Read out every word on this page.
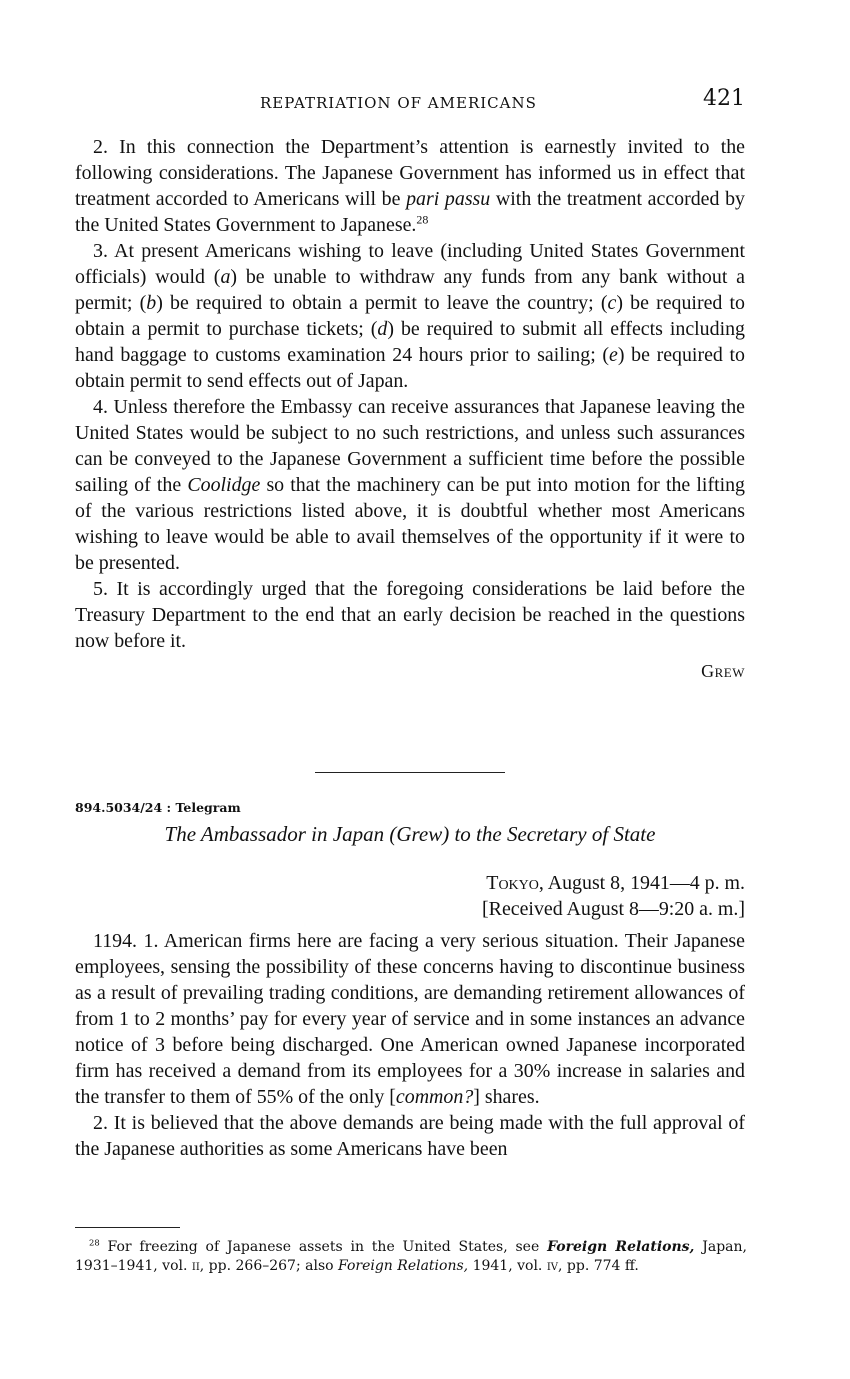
REPATRIATION OF AMERICANS	421

2. In this connection the Department’s attention is earnestly invited to the following considerations. The Japanese Government has informed us in effect that treatment accorded to Americans will be pari passu with the treatment accorded by the United States Government to Japanese.$^{28}$

3. At present Americans wishing to leave (including United States Government officials) would (a) be unable to withdraw any funds from any bank without a permit; (b) be required to obtain a permit to leave the country; (c) be required to obtain a permit to purchase tickets; (d) be required to submit all effects including hand baggage to customs examination 24 hours prior to sailing; (e) be required to obtain permit to send effects out of Japan.

4. Unless therefore the Embassy can receive assurances that Japanese leaving the United States would be subject to no such restrictions, and unless such assurances can be conveyed to the Japanese Government a sufficient time before the possible sailing of the Coolidge so that the machinery can be put into motion for the lifting of the various restrictions listed above, it is doubtful whether most Americans wishing to leave would be able to avail themselves of the opportunity if it were to be presented.

5. It is accordingly urged that the foregoing considerations be laid before the Treasury Department to the end that an early decision be reached in the questions now before it.

Grew
894.5034/24 : Telegram
The Ambassador in Japan (Grew) to the Secretary of State
Tokyo, August 8, 1941—4 p. m.
[Received August 8—9:20 a. m.]

1194. 1. American firms here are facing a very serious situation. Their Japanese employees, sensing the possibility of these concerns having to discontinue business as a result of prevailing trading conditions, are demanding retirement allowances of from 1 to 2 months’ pay for every year of service and in some instances an advance notice of 3 before being discharged. One American owned Japanese incorporated firm has received a demand from its employees for a 30% increase in salaries and the transfer to them of 55% of the only [common?] shares.

2. It is believed that the above demands are being made with the full approval of the Japanese authorities as some Americans have been

$^{28}$ For freezing of Japanese assets in the United States, see Foreign Relations, Japan, 1931–1941, vol. ii, pp. 266–267; also Foreign Relations, 1941, vol. iv, pp. 774 ff.
